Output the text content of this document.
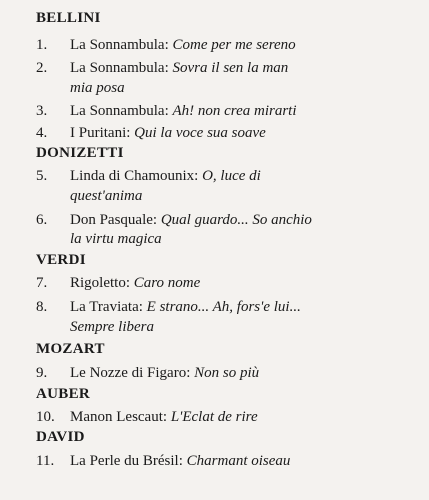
BELLINI
1. La Sonnambula: Come per me sereno
2. La Sonnambula: Sovra il sen la man
mia posa
3. La Sonnambula: Ah! non crea mirarti
4. I Puritani: Qui la voce sua soave
DONIZETTI
5. Linda di Chamounix: O, luce di
quest'anima
6. Don Pasquale: Qual guardo... So anchio
la virtu magica
VERDI
7. Rigoletto: Caro nome
8. La Traviata: E strano... Ah, fors'e lui...
Sempre libera
MOZART
9. Le Nozze di Figaro: Non so più
AUBER
10. Manon Lescaut: L'Eclat de rire
DAVID
11. La Perle du Brésil: Charmant oiseau
